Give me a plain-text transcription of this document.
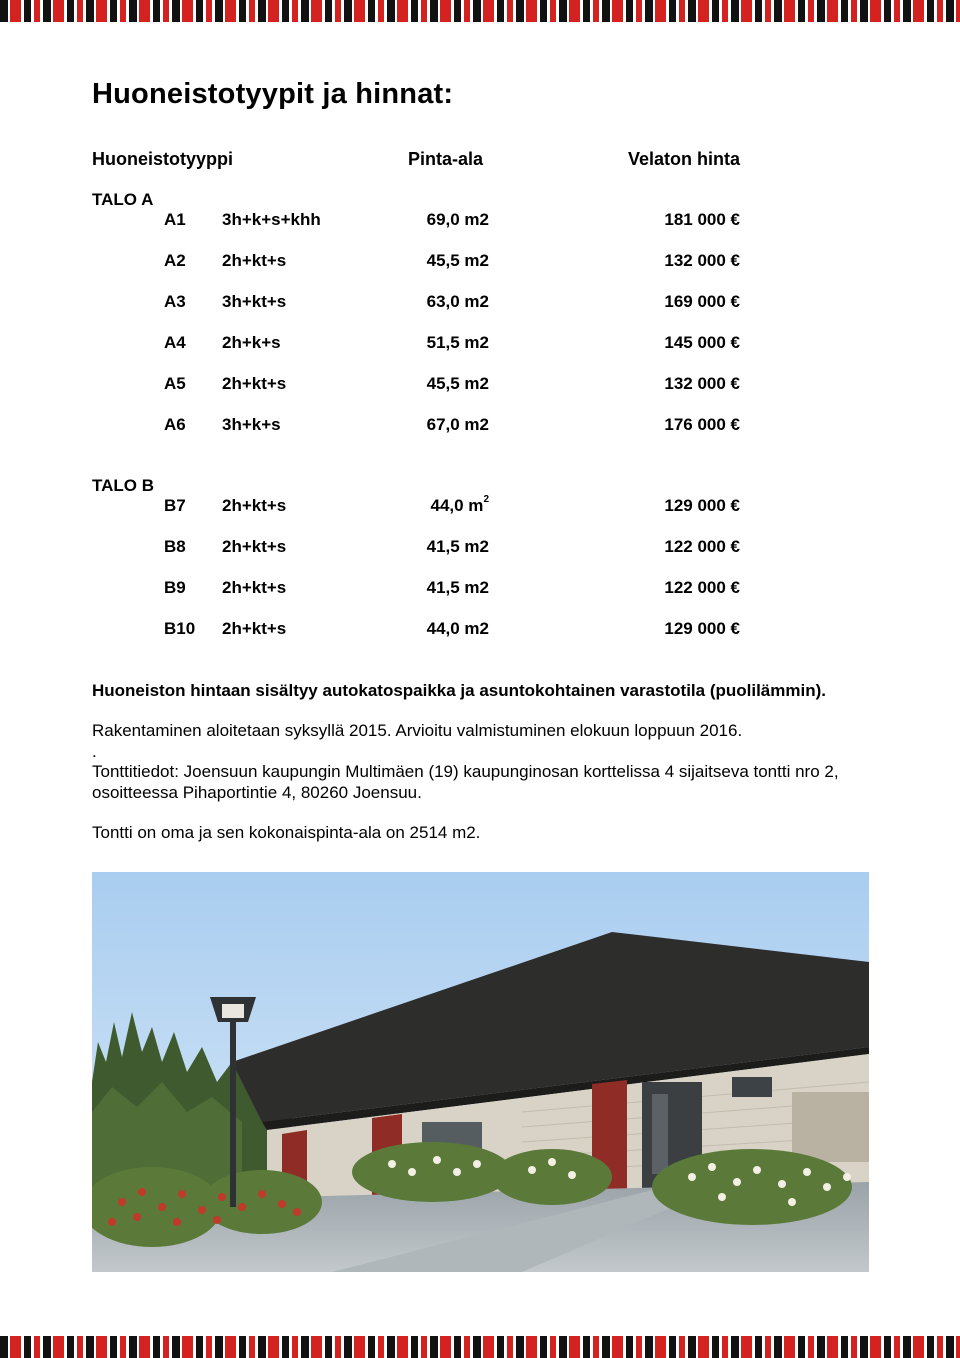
Huoneistotyypit ja hinnat:
Huoneistotyyppi	Pinta-ala	Velaton hinta
TALO A
A1 3h+k+s+khh	69,0 m2	181 000 €
A2 2h+kt+s	45,5 m2	132 000 €
A3 3h+kt+s	63,0 m2	169 000 €
A4 2h+k+s	51,5 m2	145 000 €
A5 2h+kt+s	45,5 m2	132 000 €
A6 3h+k+s	67,0 m2	176 000 €
TALO B
B7 2h+kt+s	44,0 $m^2$	129 000 €
B8 2h+kt+s	41,5 m2	122 000 €
B9 2h+kt+s	41,5 m2	122 000 €
B10 2h+kt+s	44,0 m2	129 000 €

Huoneiston hintaan sisältyy autokatospaikka ja asuntokohtainen varastotila (puolilämmin).

Rakentaminen aloitetaan syksyllä 2015. Arvioitu valmistuminen elokuun loppuun 2016.

.

Tonttitiedot: Joensuun kaupungin Multimäen (19) kaupunginosan korttelissa 4 sijaitseva tontti nro 2, osoitteessa Pihaportintie 4, 80260 Joensuu.

Tontti on oma ja sen kokonaispinta-ala on 2514 m2.
